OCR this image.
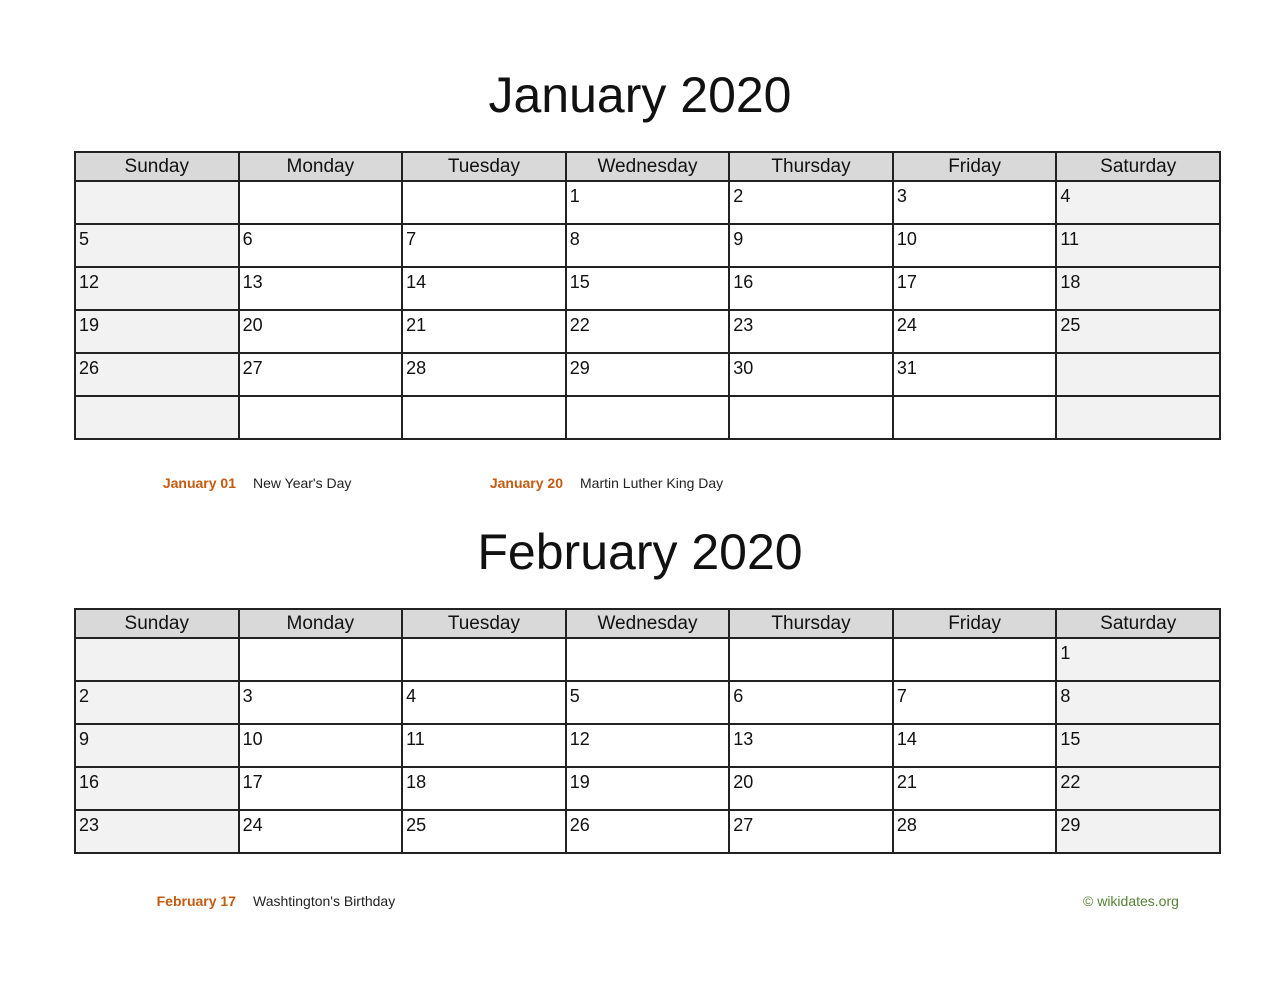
January 2020
Sunday	Monday	Tuesday	Wednesday	Thursday	Friday	Saturday

			1	2	3	4

5	6	7	8	9	10	11

12	13	14	15	16	17	18

19	20	21	22	23	24	25

26	27	28	29	30	31	

January 01 New Year's Day	January 20 Martin Luther King Day
February 2020
Sunday	Monday	Tuesday	Wednesday	Thursday	Friday	Saturday

						1

2	3	4	5	6	7	8

9	10	11	12	13	14	15

16	17	18	19	20	21	22

23	24	25	26	27	28	29
February 17 Washtington's Birthday	© wikidates.org
